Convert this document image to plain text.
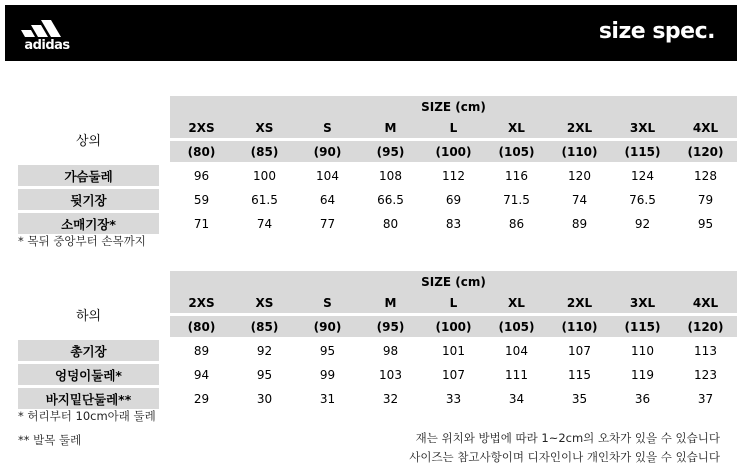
adidas
size spec.
		SIZE (cm)								
상의		2XS	XS	S	M	L	XL	2XL	3XL	4XL
		(80)	(85)	(90)	(95)	(100)	(105)	(110)	(115)	(120)
가슴둘레		96	100	104	108	112	116	120	124	128
뒷기장		59	61.5	64	66.5	69	71.5	74	76.5	79
소매기장*		71	74	77	80	83	86	89	92	95
* 목뒤 중앙부터 손목까지
		SIZE (cm)								
하의		2XS	XS	S	M	L	XL	2XL	3XL	4XL
		(80)	(85)	(90)	(95)	(100)	(105)	(110)	(115)	(120)
총기장		89	92	95	98	101	104	107	110	113
엉덩이둘레*		94	95	99	103	107	111	115	119	123
바지밑단둘레**		29	30	31	32	33	34	35	36	37
* 허리부터 10cm아래 둘레
** 발목 둘레	재는 위치와 방법에 따라 1~2cm의 오차가 있을 수 있습니다
사이즈는 참고사항이며 디자인이나 개인차가 있을 수 있습니다
